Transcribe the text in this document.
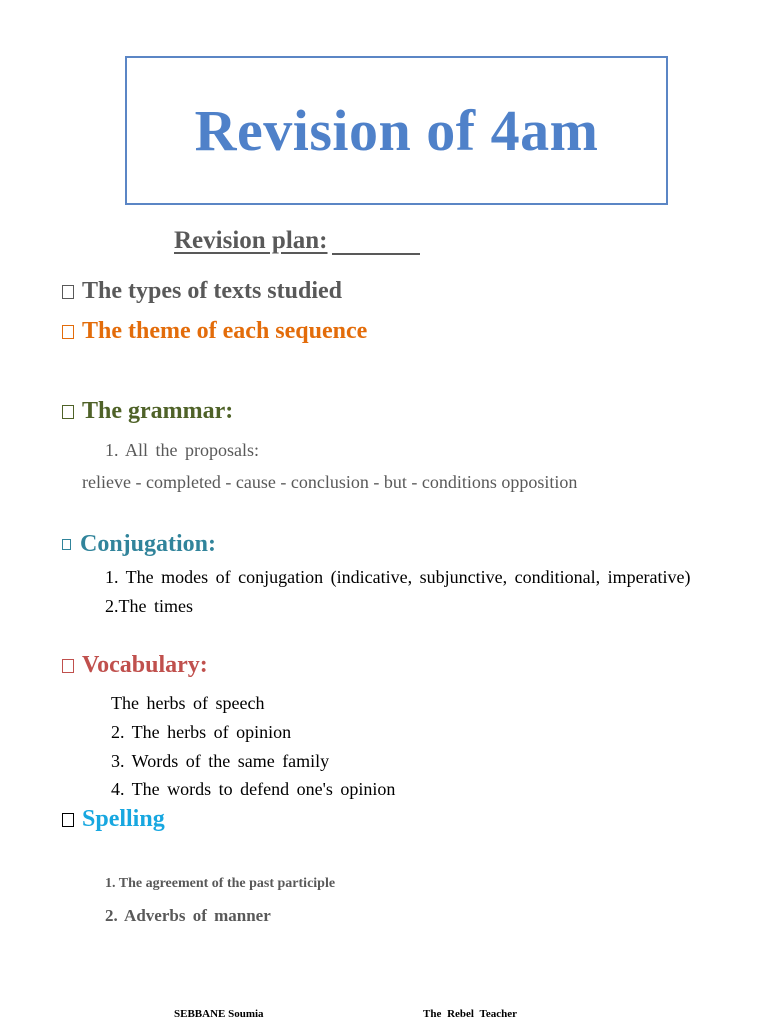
Revision of 4am
Revision plan:
The types of texts studied
The theme of each sequence
The grammar:
1. All the proposals:
relieve - completed - cause - conclusion - but - conditions opposition
Conjugation:
1. The modes of conjugation (indicative, subjunctive, conditional, imperative)
2.The times
Vocabulary:
The herbs of speech
2. The herbs of opinion
3. Words of the same family
4. The words to defend one's opinion
Spelling
1. The agreement of the past participle
2. Adverbs of manner
SEBBANE Soumia	The Rebel Teacher
